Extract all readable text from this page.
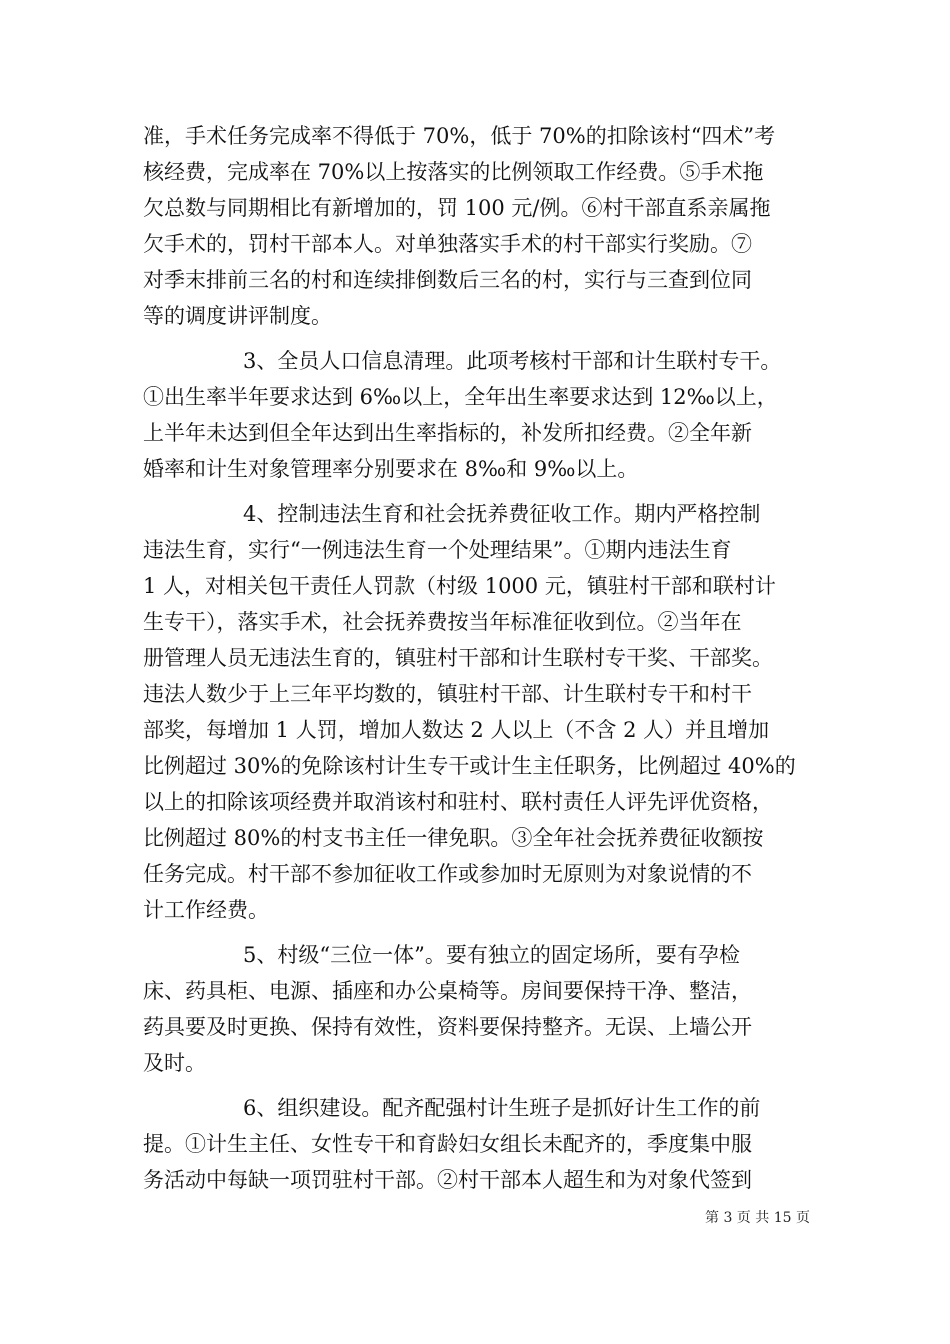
准，手术任务完成率不得低于 70%，低于 70%的扣除该村“四术”考
核经费，完成率在 70%以上按落实的比例领取工作经费。⑤手术拖
欠总数与同期相比有新增加的，罚 100 元/例。⑥村干部直系亲属拖
欠手术的，罚村干部本人。对单独落实手术的村干部实行奖励。⑦
对季末排前三名的村和连续排倒数后三名的村，实行与三查到位同
等的调度讲评制度。
3、全员人口信息清理。此项考核村干部和计生联村专干。
①出生率半年要求达到 6‰以上，全年出生率要求达到 12‰以上，
上半年未达到但全年达到出生率指标的，补发所扣经费。②全年新
婚率和计生对象管理率分别要求在 8‰和 9‰以上。
4、控制违法生育和社会抚养费征收工作。期内严格控制
违法生育，实行“一例违法生育一个处理结果”。①期内违法生育
1 人，对相关包干责任人罚款（村级 1000 元，镇驻村干部和联村计
生专干），落实手术，社会抚养费按当年标准征收到位。②当年在
册管理人员无违法生育的，镇驻村干部和计生联村专干奖、干部奖。
违法人数少于上三年平均数的，镇驻村干部、计生联村专干和村干
部奖，每增加 1 人罚，增加人数达 2 人以上（不含 2 人）并且增加
比例超过 30%的免除该村计生专干或计生主任职务，比例超过 40%的
以上的扣除该项经费并取消该村和驻村、联村责任人评先评优资格，
比例超过 80%的村支书主任一律免职。③全年社会抚养费征收额按
任务完成。村干部不参加征收工作或参加时无原则为对象说情的不
计工作经费。
5、村级“三位一体”。要有独立的固定场所，要有孕检
床、药具柜、电源、插座和办公桌椅等。房间要保持干净、整洁，
药具要及时更换、保持有效性，资料要保持整齐。无误、上墙公开
及时。
6、组织建设。配齐配强村计生班子是抓好计生工作的前
提。①计生主任、女性专干和育龄妇女组长未配齐的，季度集中服
务活动中每缺一项罚驻村干部。②村干部本人超生和为对象代签到
第 3 页 共 15 页
